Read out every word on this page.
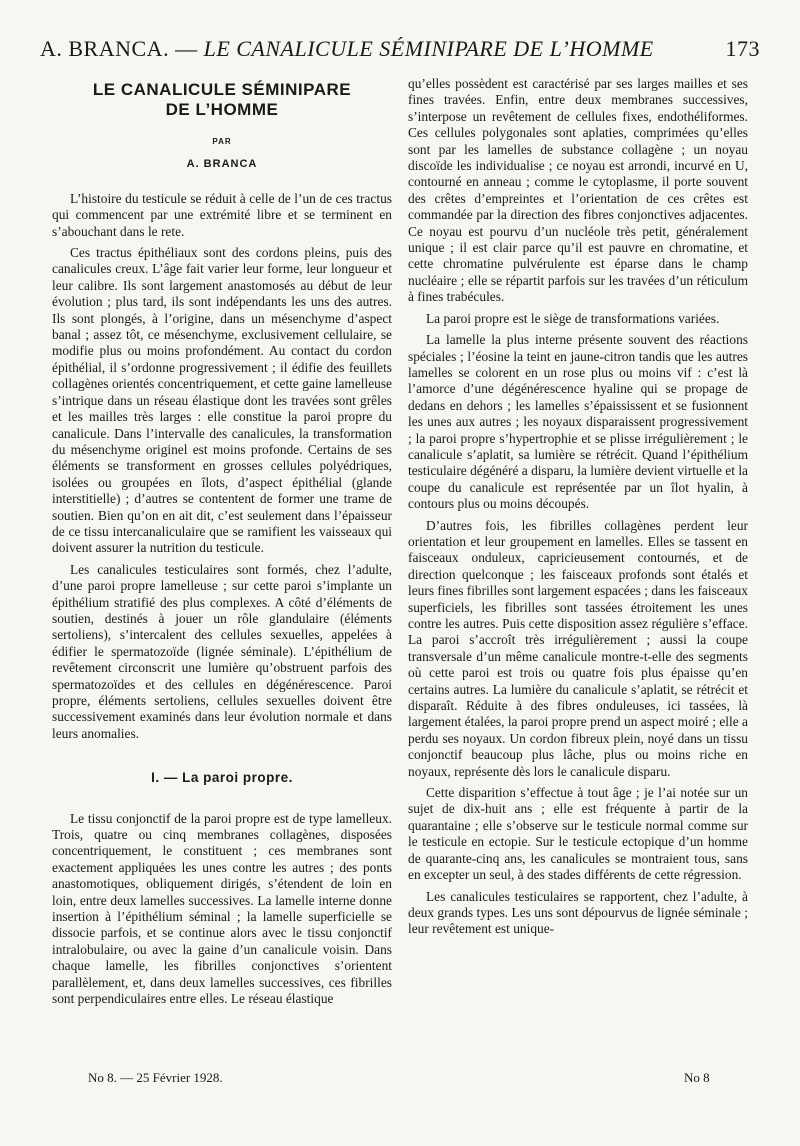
A. BRANCA. — LE CANALICULE SÉMINIPARE DE L’HOMME	173
LE CANALICULE SÉMINIPARE
DE L’HOMME
PAR
A. BRANCA

L’histoire du testicule se réduit à celle de l’un de ces tractus qui commencent par une extrémité libre et se terminent en s’abouchant dans le rete.

Ces tractus épithéliaux sont des cordons pleins, puis des canalicules creux. L’âge fait varier leur forme, leur longueur et leur calibre. Ils sont largement anastomosés au début de leur évolution ; plus tard, ils sont indépendants les uns des autres. Ils sont plongés, à l’origine, dans un mésenchyme d’aspect banal ; assez tôt, ce mésenchyme, exclusivement cellulaire, se modifie plus ou moins profondément. Au contact du cordon épithélial, il s’ordonne progressivement ; il édifie des feuillets collagènes orientés concentriquement, et cette gaine lamelleuse s’intrique dans un réseau élastique dont les travées sont grêles et les mailles très larges : elle constitue la paroi propre du canalicule. Dans l’intervalle des canalicules, la transformation du mésenchyme originel est moins profonde. Certains de ses éléments se transforment en grosses cellules polyédriques, isolées ou groupées en îlots, d’aspect épithélial (glande interstitielle) ; d’autres se contentent de former une trame de soutien. Bien qu’on en ait dit, c’est seulement dans l’épaisseur de ce tissu intercanaliculaire que se ramifient les vaisseaux qui doivent assurer la nutrition du testicule.

Les canalicules testiculaires sont formés, chez l’adulte, d’une paroi propre lamelleuse ; sur cette paroi s’implante un épithélium stratifié des plus complexes. A côté d’éléments de soutien, destinés à jouer un rôle glandulaire (éléments sertoliens), s’intercalent des cellules sexuelles, appelées à édifier le spermatozoïde (lignée séminale). L’épithélium de revêtement circonscrit une lumière qu’obstruent parfois des spermatozoïdes et des cellules en dégénérescence. Paroi propre, éléments sertoliens, cellules sexuelles doivent être successivement examinés dans leur évolution normale et dans leurs anomalies.

I. — La paroi propre.

Le tissu conjonctif de la paroi propre est de type lamelleux. Trois, quatre ou cinq membranes collagènes, disposées concentriquement, le constituent ; ces membranes sont exactement appliquées les unes contre les autres ; des ponts anastomotiques, obliquement dirigés, s’étendent de loin en loin, entre deux lamelles successives. La lamelle interne donne insertion à l’épithélium séminal ; la lamelle superficielle se dissocie parfois, et se continue alors avec le tissu conjonctif intralobulaire, ou avec la gaine d’un canalicule voisin. Dans chaque lamelle, les fibrilles conjonctives s’orientent parallèlement, et, dans deux lamelles successives, ces fibrilles sont perpendiculaires entre elles. Le réseau élastique

qu’elles possèdent est caractérisé par ses larges mailles et ses fines travées. Enfin, entre deux membranes successives, s’interpose un revêtement de cellules fixes, endothéliformes. Ces cellules polygonales sont aplaties, comprimées qu’elles sont par les lamelles de substance collagène ; un noyau discoïde les individualise ; ce noyau est arrondi, incurvé en U, contourné en anneau ; comme le cytoplasme, il porte souvent des crêtes d’empreintes et l’orientation de ces crêtes est commandée par la direction des fibres conjonctives adjacentes. Ce noyau est pourvu d’un nucléole très petit, généralement unique ; il est clair parce qu’il est pauvre en chromatine, et cette chromatine pulvérulente est éparse dans le champ nucléaire ; elle se répartit parfois sur les travées d’un réticulum à fines trabécules.

La paroi propre est le siège de transformations variées.

La lamelle la plus interne présente souvent des réactions spéciales ; l’éosine la teint en jaune-citron tandis que les autres lamelles se colorent en un rose plus ou moins vif : c’est là l’amorce d’une dégénérescence hyaline qui se propage de dedans en dehors ; les lamelles s’épaississent et se fusionnent les unes aux autres ; les noyaux disparaissent progressivement ; la paroi propre s’hypertrophie et se plisse irrégulièrement ; le canalicule s’aplatit, sa lumière se rétrécit. Quand l’épithélium testiculaire dégénéré a disparu, la lumière devient virtuelle et la coupe du canalicule est représentée par un îlot hyalin, à contours plus ou moins découpés.

D’autres fois, les fibrilles collagènes perdent leur orientation et leur groupement en lamelles. Elles se tassent en faisceaux onduleux, capricieusement contournés, et de direction quelconque ; les faisceaux profonds sont étalés et leurs fines fibrilles sont largement espacées ; dans les faisceaux superficiels, les fibrilles sont tassées étroitement les unes contre les autres. Puis cette disposition assez régulière s’efface. La paroi s’accroît très irrégulièrement ; aussi la coupe transversale d’un même canalicule montre-t-elle des segments où cette paroi est trois ou quatre fois plus épaisse qu’en certains autres. La lumière du canalicule s’aplatit, se rétrécit et disparaît. Réduite à des fibres onduleuses, ici tassées, là largement étalées, la paroi propre prend un aspect moiré ; elle a perdu ses noyaux. Un cordon fibreux plein, noyé dans un tissu conjonctif beaucoup plus lâche, plus ou moins riche en noyaux, représente dès lors le canalicule disparu.

Cette disparition s’effectue à tout âge ; je l’ai notée sur un sujet de dix-huit ans ; elle est fréquente à partir de la quarantaine ; elle s’observe sur le testicule normal comme sur le testicule en ectopie. Sur le testicule ectopique d’un homme de quarante-cinq ans, les canalicules se montraient tous, sans en excepter un seul, à des stades différents de cette régression.

Les canalicules testiculaires se rapportent, chez l’adulte, à deux grands types. Les uns sont dépourvus de lignée séminale ; leur revêtement est unique-

No 8. — 25 Février 1928.	No 8
